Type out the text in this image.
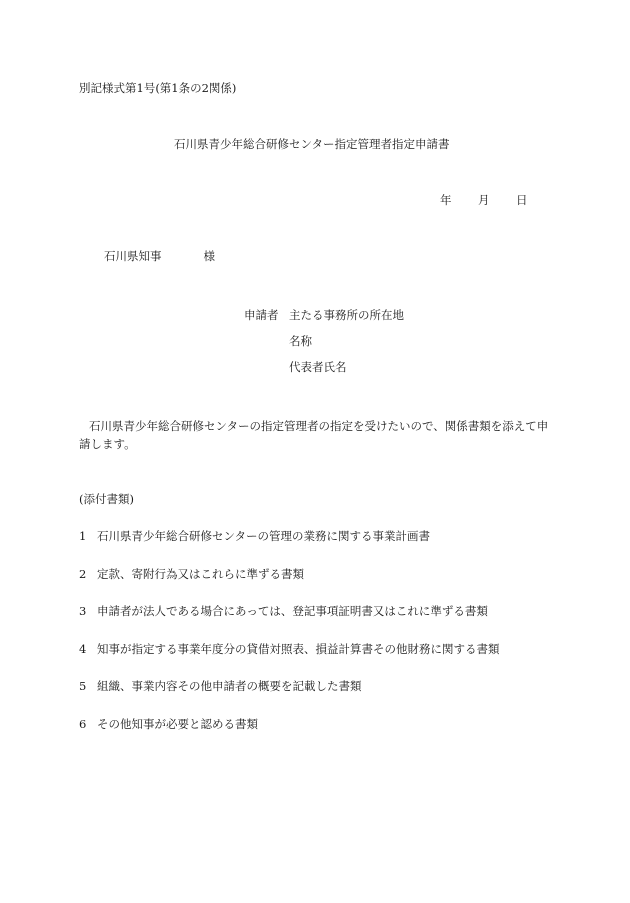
別記様式第1号(第1条の2関係)
石川県青少年総合研修センター指定管理者指定申請書
年 月 日
石川県知事	様
申請者 主たる事務所の所在地
名称
代表者氏名
石川県青少年総合研修センターの指定管理者の指定を受けたいので、関係書類を添えて申請します。
(添付書類)
1 石川県青少年総合研修センターの管理の業務に関する事業計画書
2 定款、寄附行為又はこれらに準ずる書類
3 申請者が法人である場合にあっては、登記事項証明書又はこれに準ずる書類
4 知事が指定する事業年度分の貸借対照表、損益計算書その他財務に関する書類
5 組織、事業内容その他申請者の概要を記載した書類
6 その他知事が必要と認める書類
